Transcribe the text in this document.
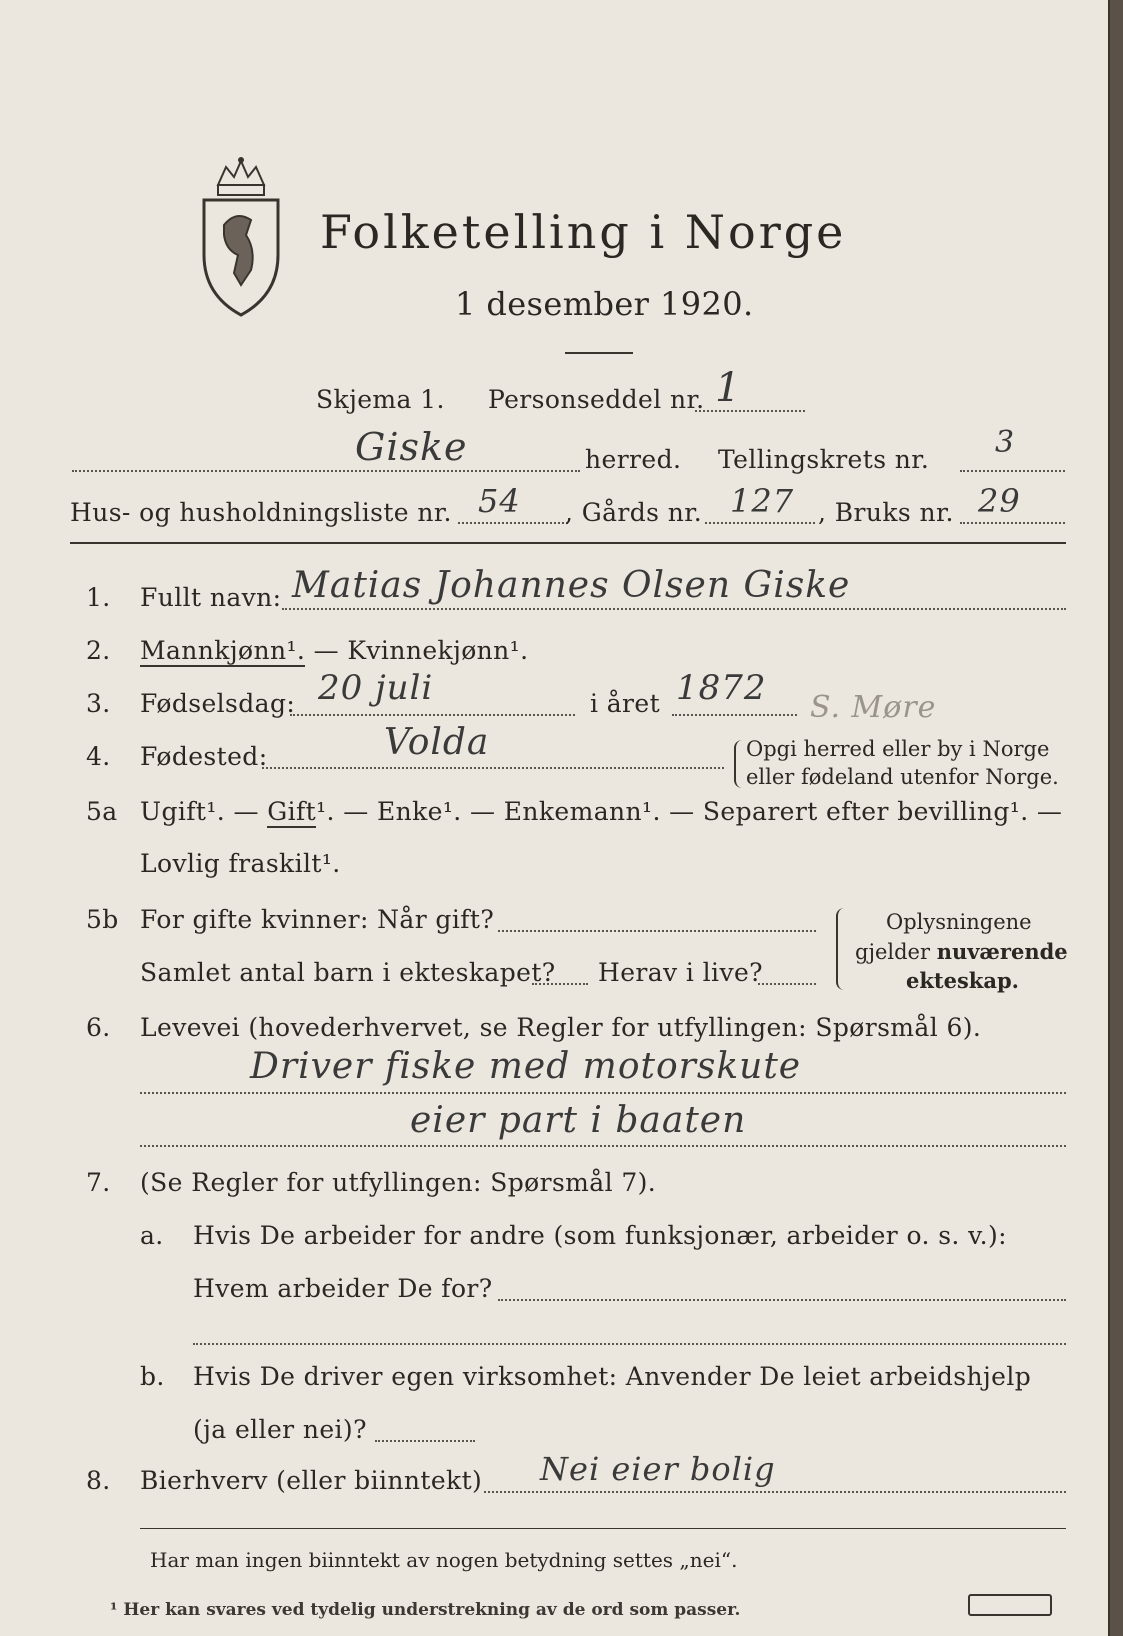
Folketelling i Norge
1 desember 1920.
Skjema 1. Personseddel nr. 1
Giske	herred. Tellingskrets nr. 3
Hus- og husholdningsliste nr. 54 , Gårds nr. 127 , Bruks nr. 29
1. Fullt navn: Matias Johannes Olsen Giske
2. Mannkjønn¹. — Kvinnekjønn¹.
3. Fødselsdag: 20 juli	i året 1872 S. Møre
4. Fødested:	Volda	Opgi herred eller by i Norge
eller fødeland utenfor Norge.
5a Ugift¹. — Gift¹. — Enke¹. — Enkemann¹. — Separert efter bevilling¹. —
Lovlig fraskilt¹.
5b For gifte kvinner: Når gift?
Samlet antal barn i ekteskapet? Herav i live?
Oplysningene
gjelder nuværende
ekteskap.
6. Levevei (hovederhvervet, se Regler for utfyllingen: Spørsmål 6).
Driver fiske med motorskute
eier part i baaten
7. (Se Regler for utfyllingen: Spørsmål 7).
a. Hvis De arbeider for andre (som funksjonær, arbeider o. s. v.):
Hvem arbeider De for?
b. Hvis De driver egen virksomhet: Anvender De leiet arbeidshjelp
(ja eller nei)?
8. Bierhverv (eller biinntekt) Nei eier bolig
Har man ingen biinntekt av nogen betydning settes „nei“.
¹ Her kan svares ved tydelig understrekning av de ord som passer.
